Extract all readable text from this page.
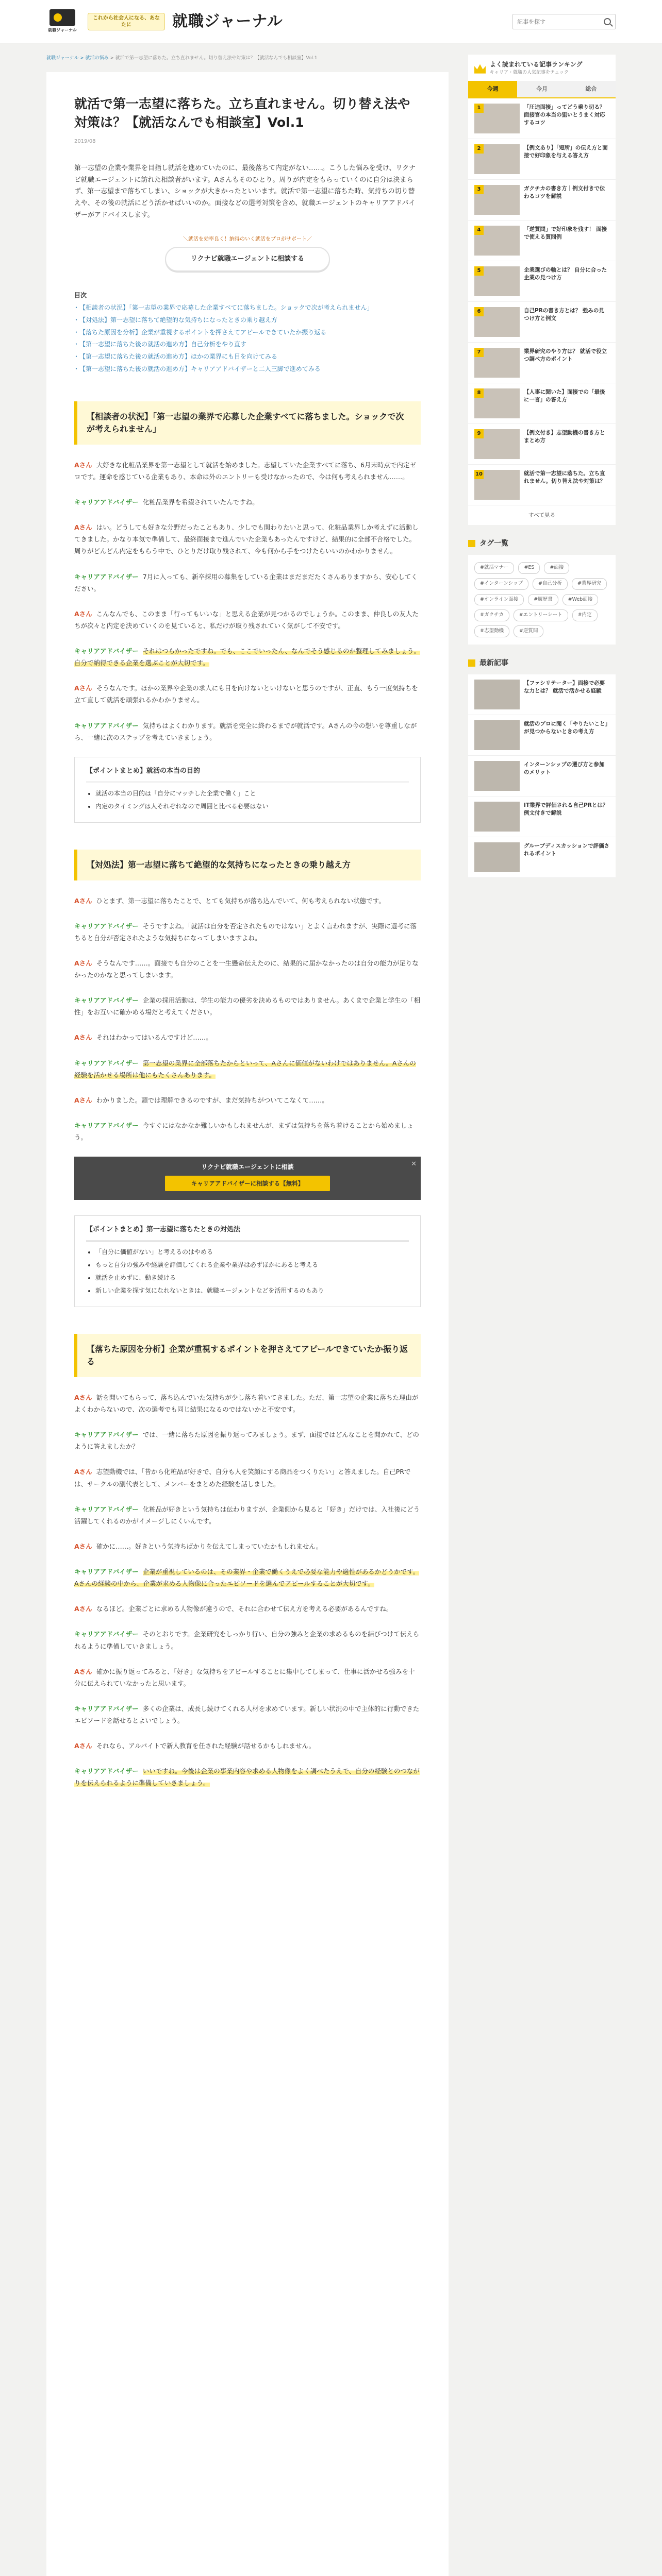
就職ジャーナル
これから社会人になる、あなたに	就職ジャーナル
記事を探す
就職ジャーナル > 就活の悩み > 就活で第一志望に落ちた。立ち直れません。切り替え法や対策は？【就活なんでも相談室】Vol.1
就活で第一志望に落ちた。立ち直れません。切り替え法や対策は？【就活なんでも相談室】Vol.1
2019/08

第一志望の企業や業界を目指し就活を進めていたのに、最後落ちて内定がない……。こうした悩みを受け、リクナビ就職エージェントに訪れた相談者がいます。Aさんもそのひとり。周りが内定をもらっていくのに自分は決まらず、第一志望まで落ちてしまい、ショックが大きかったといいます。就活で第一志望に落ちた時、気持ちの切り替えや、その後の就活にどう活かせばいいのか。面接などの選考対策を含め、就職エージェントのキャリアアドバイザーがアドバイスします。

＼就活を効率良く！納得のいく就活をプロがサポート／
リクナビ就職エージェントに相談する
目次
・ 【相談者の状況】「第一志望の業界で応募した企業すべてに落ちました。ショックで次が考えられません」
・ 【対処法】第一志望に落ちて絶望的な気持ちになったときの乗り越え方
・ 【落ちた原因を分析】企業が重視するポイントを押さえてアピールできていたか振り返る
・ 【第一志望に落ちた後の就活の進め方】自己分析をやり直す
・ 【第一志望に落ちた後の就活の進め方】ほかの業界にも目を向けてみる
・ 【第一志望に落ちた後の就活の進め方】キャリアアドバイザーと二人三脚で進めてみる
【相談者の状況】「第一志望の業界で応募した企業すべてに落ちました。ショックで次が考えられません」

Aさん 大好きな化粧品業界を第一志望として就活を始めました。志望していた企業すべてに落ち、6月末時点で内定ゼロです。運命を感じている企業もあり、本命は外のエントリーも受けなかったので、今は何も考えられません……。

キャリアアドバイザー 化粧品業界を希望されていたんですね。

Aさん はい。どうしても好きな分野だったこともあり、少しでも関わりたいと思って、化粧品業界しか考えずに活動してきました。かなり本気で準備して、最終面接まで進んでいた企業もあったんですけど、結果的に全部不合格でした。周りがどんどん内定をもらう中で、ひとりだけ取り残されて、今も何から手をつけたらいいのかわかりません。

キャリアアドバイザー 7月に入っても、新卒採用の募集をしている企業はまだまだたくさんありますから、安心してください。

Aさん こんなんでも、このまま「行ってもいいな」と思える企業が見つかるのでしょうか。このまま、仲良しの友人たちが次々と内定を決めていくのを見ていると、私だけが取り残されていく気がして不安です。

キャリアアドバイザー それはつらかったですね。でも、ここでいったん、なんでそう感じるのか整理してみましょう。自分で納得できる企業を選ぶことが大切です。

Aさん そうなんです。ほかの業界や企業の求人にも目を向けないといけないと思うのですが、正直、もう一度気持ちを立て直して就活を頑張れるかわかりません。

キャリアアドバイザー 気持ちはよくわかります。就活を完全に終わるまでが就活です。Aさんの今の想いを尊重しながら、一緒に次のステップを考えていきましょう。

【ポイントまとめ】就活の本当の目的
• 就活の本当の目的は「自分にマッチした企業で働く」こと
• 内定のタイミングは人それぞれなので周囲と比べる必要はない
【対処法】第一志望に落ちて絶望的な気持ちになったときの乗り越え方

Aさん ひとまず、第一志望に落ちたことで、とても気持ちが落ち込んでいて、何も考えられない状態です。

キャリアアドバイザー そうですよね。「就活は自分を否定されたものではない」とよく言われますが、実際に選考に落ちると自分が否定されたような気持ちになってしまいますよね。

Aさん そうなんです……。面接でも自分のことを一生懸命伝えたのに、結果的に届かなかったのは自分の能力が足りなかったのかなと思ってしまいます。

キャリアアドバイザー 企業の採用活動は、学生の能力の優劣を決めるものではありません。あくまで企業と学生の「相性」をお互いに確かめる場だと考えてください。

Aさん それはわかってはいるんですけど……。

キャリアアドバイザー 第一志望の業界に全部落ちたからといって、Aさんに価値がないわけではありません。Aさんの経験を活かせる場所は他にもたくさんあります。

Aさん わかりました。頭では理解できるのですが、まだ気持ちがついてこなくて……。

キャリアアドバイザー 今すぐにはなかなか難しいかもしれませんが、まずは気持ちを落ち着けることから始めましょう。

✕
リクナビ就職エージェントに相談
キャリアアドバイザーに相談する【無料】
【ポイントまとめ】第一志望に落ちたときの対処法
• 「自分に価値がない」と考えるのはやめる
• もっと自分の強みや経験を評価してくれる企業や業界は必ずほかにあると考える
• 就活を止めずに、動き続ける
• 新しい企業を探す気になれないときは、就職エージェントなどを活用するのもあり
【落ちた原因を分析】企業が重視するポイントを押さえてアピールできていたか振り返る

Aさん 話を聞いてもらって、落ち込んでいた気持ちが少し落ち着いてきました。ただ、第一志望の企業に落ちた理由がよくわからないので、次の選考でも同じ結果になるのではないかと不安です。

キャリアアドバイザー では、一緒に落ちた原因を振り返ってみましょう。まず、面接ではどんなことを聞かれて、どのように答えましたか？

Aさん 志望動機では、「昔から化粧品が好きで、自分も人を笑顔にする商品をつくりたい」と答えました。自己PRでは、サークルの副代表として、メンバーをまとめた経験を話しました。

キャリアアドバイザー 化粧品が好きという気持ちは伝わりますが、企業側から見ると「好き」だけでは、入社後にどう活躍してくれるのかがイメージしにくいんです。

Aさん 確かに……。好きという気持ちばかりを伝えてしまっていたかもしれません。

キャリアアドバイザー 企業が重視しているのは、その業界・企業で働くうえで必要な能力や適性があるかどうかです。Aさんの経験の中から、企業が求める人物像に合ったエピソードを選んでアピールすることが大切です。

Aさん なるほど。企業ごとに求める人物像が違うので、それに合わせて伝え方を考える必要があるんですね。

キャリアアドバイザー そのとおりです。企業研究をしっかり行い、自分の強みと企業の求めるものを結びつけて伝えられるように準備していきましょう。

Aさん 確かに振り返ってみると、「好き」な気持ちをアピールすることに集中してしまって、仕事に活かせる強みを十分に伝えられていなかったと思います。

キャリアアドバイザー 多くの企業は、成長し続けてくれる人材を求めています。新しい状況の中で主体的に行動できたエピソードを話せるとよいでしょう。

Aさん それなら、アルバイトで新人教育を任された経験が話せるかもしれません。

キャリアアドバイザー いいですね。今後は企業の事業内容や求める人物像をよく調べたうえで、自分の経験とのつながりを伝えられるように準備していきましょう。

よく読まれている記事ランキング
キャリア・就職の人気記事をチェック
今週	今月	総合
1	「圧迫面接」ってどう乗り切る？ 面接官の本当の狙いとうまく対応するコツ
2	【例文あり】「短所」の伝え方と面接で好印象を与える答え方
3	ガクチカの書き方｜例文付きで伝わるコツを解説
4	「逆質問」で好印象を残す！ 面接で使える質問例
5	企業選びの軸とは？ 自分に合った企業の見つけ方
6	自己PRの書き方とは？ 強みの見つけ方と例文
7	業界研究のやり方は？ 就活で役立つ調べ方のポイント
8	【人事に聞いた】面接での「最後に一言」の答え方
9	【例文付き】志望動機の書き方とまとめ方
10	就活で第一志望に落ちた。立ち直れません。切り替え法や対策は？
すべて見る
タグ一覧
#就活マナー	#ES	#面接
#インターンシップ	#自己分析	#業界研究
#オンライン面接	#履歴書	#Web面接
#ガクチカ	#エントリーシート	#内定
#志望動機	#逆質問
最新記事
【ファシリテーター】面接で必要な力とは？ 就活で活かせる経験
就活のプロに聞く「やりたいこと」が見つからないときの考え方
インターンシップの選び方と参加のメリット
IT業界で評価される自己PRとは？ 例文付きで解説
グループディスカッションで評価されるポイント
